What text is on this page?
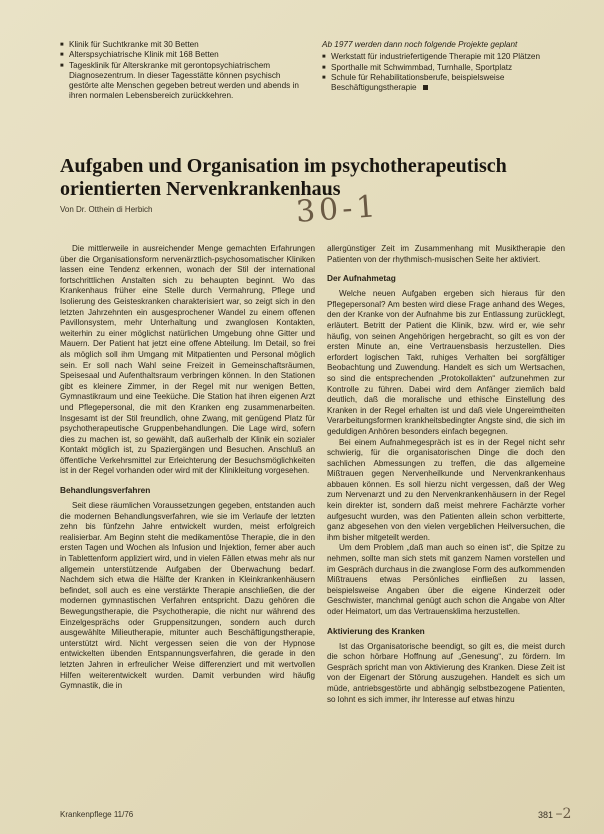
■ Klinik für Suchtkranke mit 30 Betten
■ Alterspsychiatrische Klinik mit 168 Betten
■ Tagesklinik für Alterskranke mit gerontopsychiatrischem Diagnosezentrum. In dieser Tagesstätte können psychisch gestörte alte Menschen gegeben betreut werden und abends in ihren normalen Lebensbereich zurückkehren.

Ab 1977 werden dann noch folgende Projekte geplant

■ Werkstatt für industriefertigende Therapie mit 120 Plätzen
■ Sporthalle mit Schwimmbad, Turnhalle, Sportplatz
■ Schule für Rehabilitationsberufe, beispielsweise Beschäftigungstherapie
Aufgaben und Organisation im psychotherapeutisch orientierten Nervenkrankenhaus
Von Dr. Otthein di Herbich	30-1

Die mittlerweile in ausreichender Menge gemachten Erfahrungen über die Organisationsform nervenärztlich-psychosomatischer Kliniken lassen eine Tendenz erkennen, wonach der Stil der international fortschrittlichen Anstalten sich zu behaupten beginnt. Wo das Krankenhaus früher eine Stelle durch Vermahrung, Pflege und Isolierung des Geisteskranken charakterisiert war, so zeigt sich in den letzten Jahrzehnten ein ausgesprochener Wandel zu einem offenen Pavillonsystem, mehr Unterhaltung und zwanglosen Kontakten, weiterhin zu einer möglichst natürlichen Umgebung ohne Gitter und Mauern. Der Patient hat jetzt eine offene Abteilung. Im Detail, so frei als möglich soll ihm Umgang mit Mitpatienten und Personal möglich sein. Er soll nach Wahl seine Freizeit in Gemeinschaftsräumen, Speisesaal und Aufenthaltsraum verbringen können. In den Stationen gibt es kleinere Zimmer, in der Regel mit nur wenigen Betten, Gymnastikraum und eine Teeküche. Die Station hat ihren eigenen Arzt und Pflegepersonal, die mit den Kranken eng zusammenarbeiten. Insgesamt ist der Stil freundlich, ohne Zwang, mit genügend Platz für psychotherapeutische Gruppenbehandlungen. Die Lage wird, sofern dies zu machen ist, so gewählt, daß außerhalb der Klinik ein sozialer Kontakt möglich ist, zu Spaziergängen und Besuchen. Anschluß an öffentliche Verkehrsmittel zur Erleichterung der Besuchsmöglichkeiten ist in der Regel vorhanden oder wird mit der Klinikleitung vorgesehen.

Behandlungsverfahren

Seit diese räumlichen Voraussetzungen gegeben, entstanden auch die modernen Behandlungsverfahren, wie sie im Verlaufe der letzten zehn bis fünfzehn Jahre entwickelt wurden, meist erfolgreich realisierbar. Am Beginn steht die medikamentöse Therapie, die in den ersten Tagen und Wochen als Infusion und Injektion, ferner aber auch in Tablettenform appliziert wird, und in vielen Fällen etwas mehr als nur allgemein unterstützende Aufgaben der Überwachung bedarf. Nachdem sich etwa die Hälfte der Kranken in Kleinkrankenhäusern befindet, soll auch es eine verstärkte Therapie anschließen, die der modernen gymnastischen Verfahren entspricht. Dazu gehören die Bewegungstherapie, die Psychotherapie, die nicht nur während des Einzelgesprächs oder Gruppensitzungen, sondern auch durch ausgewählte Milieutherapie, mitunter auch Beschäftigungstherapie, unterstützt wird. Nicht vergessen seien die von der Hypnose entwickelten übenden Entspannungsverfahren, die gerade in den letzten Jahren in erfreulicher Weise differenziert und mit wertvollen Hilfen weiterentwickelt wurden. Damit verbunden wird häufig Gymnastik, die in

allergünstiger Zeit im Zusammenhang mit Musiktherapie den Patienten von der rhythmisch-musischen Seite her aktiviert.

Der Aufnahmetag

Welche neuen Aufgaben ergeben sich hieraus für den Pflegepersonal? Am besten wird diese Frage anhand des Weges, den der Kranke von der Aufnahme bis zur Entlassung zurücklegt, erläutert. Betritt der Patient die Klinik, bzw. wird er, wie sehr häufig, von seinen Angehörigen hergebracht, so gilt es von der ersten Minute an, eine Vertrauensbasis herzustellen. Dies erfordert logischen Takt, ruhiges Verhalten bei sorgfältiger Beobachtung und Zuwendung. Handelt es sich um Wertsachen, so sind die entsprechenden „Protokollakten“ aufzunehmen zur Kontrolle zu führen. Dabei wird dem Anfänger ziemlich bald deutlich, daß die moralische und ethische Einstellung des Kranken in der Regel erhalten ist und daß viele Ungereimtheiten Verarbeitungsformen krankheitsbedingter Angste sind, die sich im geduldigen Anhören besonders einfach begegnen.

Bei einem Aufnahmegespräch ist es in der Regel nicht sehr schwierig, für die organisatorischen Dinge die doch den sachlichen Abmessungen zu treffen, die das allgemeine Mißtrauen gegen Nervenheilkunde und Nervenkrankenhaus abbauen können. Es soll hierzu nicht vergessen, daß der Weg zum Nervenarzt und zu den Nervenkrankenhäusern in der Regel kein direkter ist, sondern daß meist mehrere Fachärzte vorher aufgesucht wurden, was den Patienten allein schon verbitterte, ganz abgesehen von den vielen vergeblichen Heilversuchen, die ihm bisher mitgeteilt werden.

Um dem Problem „daß man auch so einen ist“, die Spitze zu nehmen, sollte man sich stets mit ganzem Namen vorstellen und im Gespräch durchaus in die zwanglose Form des aufkommenden Mißtrauens etwas Persönliches einfließen zu lassen, beispielsweise Angaben über die eigene Kinderzeit oder Geschwister, manchmal genügt auch schon die Angabe von Alter oder Heimatort, um das Vertrauensklima herzustellen.

Aktivierung des Kranken

Ist das Organisatorische beendigt, so gilt es, die meist durch die schon hörbare Hoffnung auf „Genesung“, zu fördern. Im Gespräch spricht man von Aktivierung des Kranken. Diese Zeit ist von der Eigenart der Störung auszugehen. Handelt es sich um müde, antriebsgestörte und abhängig selbstbezogene Patienten, so lohnt es sich immer, ihr Interesse auf etwas hinzu

Krankenpflege 11/76	381 –2
